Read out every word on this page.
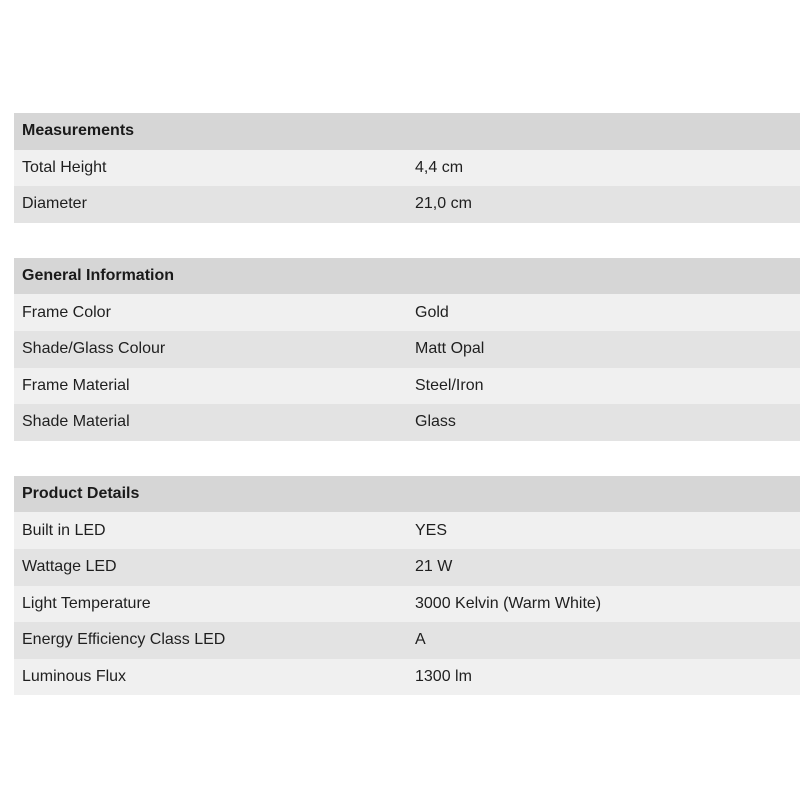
Measurements	
Total Height	4,4 cm
Diameter	21,0 cm
General Information	
Frame Color	Gold
Shade/Glass Colour	Matt Opal
Frame Material	Steel/Iron
Shade Material	Glass
Product Details	
Built in LED	YES
Wattage LED	21 W
Light Temperature	3000 Kelvin (Warm White)
Energy Efficiency Class LED	A
Luminous Flux	1300 lm
